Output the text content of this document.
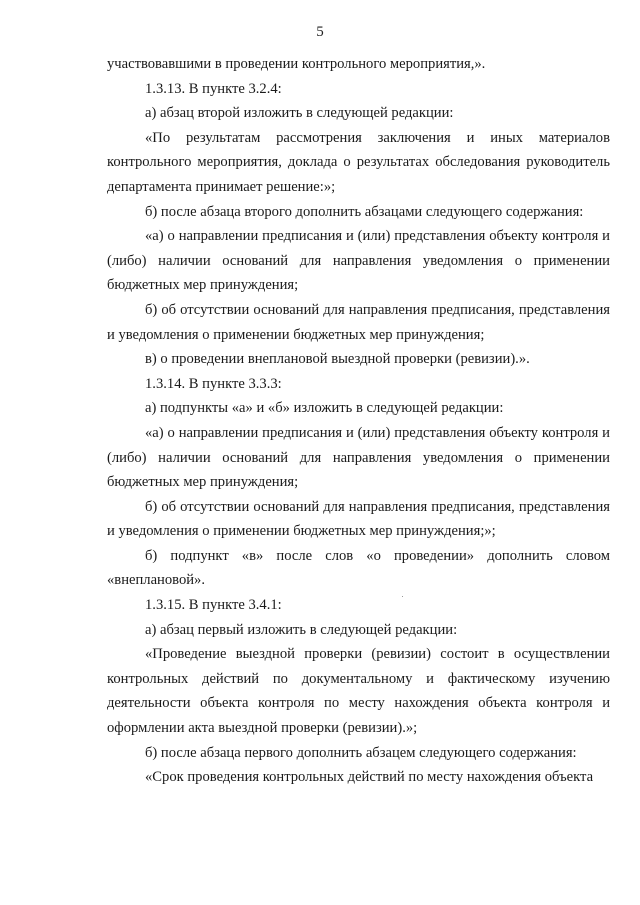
5

участвовавшими в проведении контрольного мероприятия,».

1.3.13. В пункте 3.2.4:

а) абзац второй изложить в следующей редакции:

«По результатам рассмотрения заключения и иных материалов контрольного мероприятия, доклада о результатах обследования руководитель департамента принимает решение:»;

б) после абзаца второго дополнить абзацами следующего содержания:

«а) о направлении предписания и (или) представления объекту контроля и (либо) наличии оснований для направления уведомления о применении бюджетных мер принуждения;

б) об отсутствии оснований для направления предписания, представления и уведомления о применении бюджетных мер принуждения;

в) о проведении внеплановой выездной проверки (ревизии).».

1.3.14. В пункте 3.3.3:

а) подпункты «а» и «б» изложить в следующей редакции:

«а) о направлении предписания и (или) представления объекту контроля и (либо) наличии оснований для направления уведомления о применении бюджетных мер принуждения;

б) об отсутствии оснований для направления предписания, представления и уведомления о применении бюджетных мер принуждения;»;

б) подпункт «в» после слов «о проведении» дополнить словом «внеплановой».

1.3.15. В пункте 3.4.1:

а) абзац первый изложить в следующей редакции:

«Проведение выездной проверки (ревизии) состоит в осуществлении контрольных действий по документальному и фактическому изучению деятельности объекта контроля по месту нахождения объекта контроля и оформлении акта выездной проверки (ревизии).»;

б) после абзаца первого дополнить абзацем следующего содержания:

«Срок проведения контрольных действий по месту нахождения объекта
